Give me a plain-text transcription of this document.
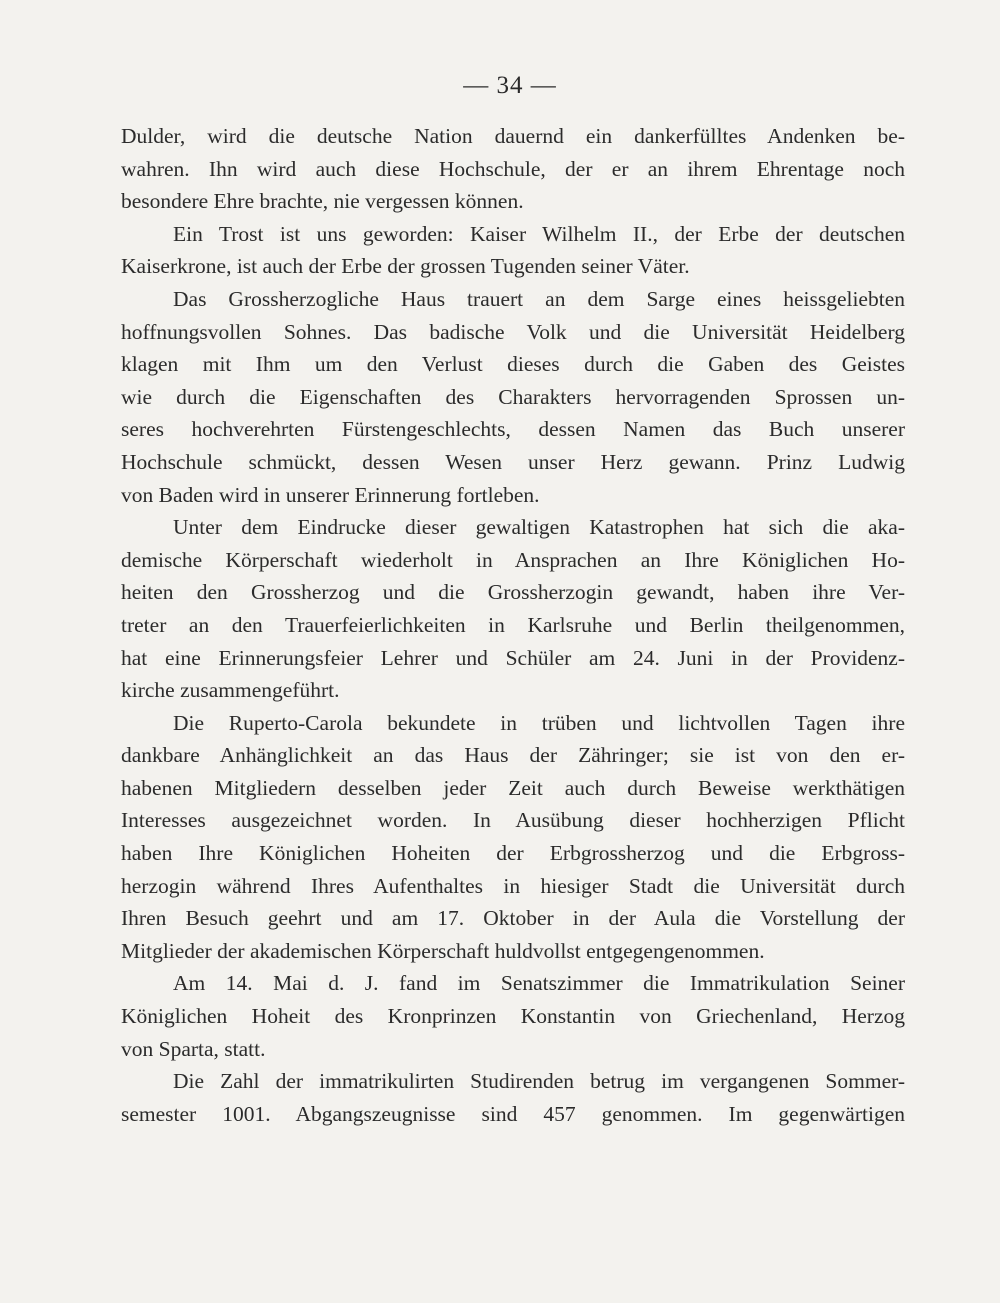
— 34 —
Dulder, wird die deutsche Nation dauernd ein dankerfülltes Andenken be-
wahren. Ihn wird auch diese Hochschule, der er an ihrem Ehrentage noch
besondere Ehre brachte, nie vergessen können.
Ein Trost ist uns geworden: Kaiser Wilhelm II., der Erbe der deutschen
Kaiserkrone, ist auch der Erbe der grossen Tugenden seiner Väter.
Das Grossherzogliche Haus trauert an dem Sarge eines heissgeliebten
hoffnungsvollen Sohnes. Das badische Volk und die Universität Heidelberg
klagen mit Ihm um den Verlust dieses durch die Gaben des Geistes
wie durch die Eigenschaften des Charakters hervorragenden Sprossen un-
seres hochverehrten Fürstengeschlechts, dessen Namen das Buch unserer
Hochschule schmückt, dessen Wesen unser Herz gewann. Prinz Ludwig
von Baden wird in unserer Erinnerung fortleben.
Unter dem Eindrucke dieser gewaltigen Katastrophen hat sich die aka-
demische Körperschaft wiederholt in Ansprachen an Ihre Königlichen Ho-
heiten den Grossherzog und die Grossherzogin gewandt, haben ihre Ver-
treter an den Trauerfeierlichkeiten in Karlsruhe und Berlin theilgenommen,
hat eine Erinnerungsfeier Lehrer und Schüler am 24. Juni in der Providenz-
kirche zusammengeführt.
Die Ruperto-Carola bekundete in trüben und lichtvollen Tagen ihre
dankbare Anhänglichkeit an das Haus der Zähringer; sie ist von den er-
habenen Mitgliedern desselben jeder Zeit auch durch Beweise werkthätigen
Interesses ausgezeichnet worden. In Ausübung dieser hochherzigen Pflicht
haben Ihre Königlichen Hoheiten der Erbgrossherzog und die Erbgross-
herzogin während Ihres Aufenthaltes in hiesiger Stadt die Universität durch
Ihren Besuch geehrt und am 17. Oktober in der Aula die Vorstellung der
Mitglieder der akademischen Körperschaft huldvollst entgegengenommen.
Am 14. Mai d. J. fand im Senatszimmer die Immatrikulation Seiner
Königlichen Hoheit des Kronprinzen Konstantin von Griechenland, Herzog
von Sparta, statt.
Die Zahl der immatrikulirten Studirenden betrug im vergangenen Sommer-
semester 1001. Abgangszeugnisse sind 457 genommen. Im gegenwärtigen
